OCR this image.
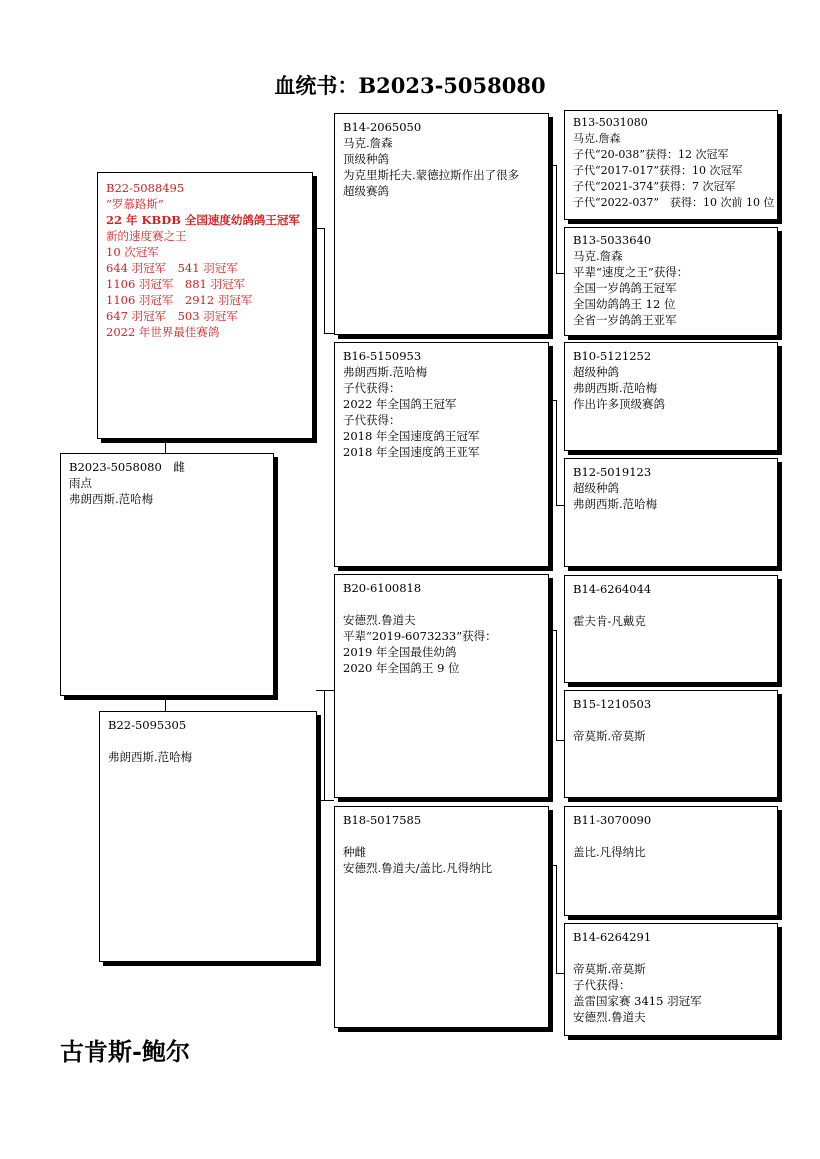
血统书：B2023-5058080
B22-5088495
“罗慕路斯”
22 年 KBDB 全国速度幼鸽鸽王冠军
新的速度赛之王
10 次冠军
644 羽冠军　541 羽冠军
1106 羽冠军　881 羽冠军
1106 羽冠军　2912 羽冠军
647 羽冠军　503 羽冠军
2022 年世界最佳赛鸽
B2023-5058080　雌
雨点
弗朗西斯.范哈梅
B22-5095305
弗朗西斯.范哈梅
B14-2065050
马克.詹森
顶级种鸽
为克里斯托夫.蒙德拉斯作出了很多
超级赛鸽
B16-5150953
弗朗西斯.范哈梅
子代获得：
2022 年全国鸽王冠军
子代获得：
2018 年全国速度鸽王冠军
2018 年全国速度鸽王亚军
B20-6100818
安德烈.鲁道夫
平辈“2019-6073233”获得：
2019 年全国最佳幼鸽
2020 年全国鸽王 9 位
B18-5017585
种雌
安德烈.鲁道夫/盖比.凡得纳比
B13-5031080
马克.詹森
子代“20-038”获得：12 次冠军
子代“2017-017”获得：10 次冠军
子代“2021-374”获得：7 次冠军
子代“2022-037”　获得：10 次前 10 位
B13-5033640
马克.詹森
平辈“速度之王”获得：
全国一岁鸽鸽王冠军
全国幼鸽鸽王 12 位
全省一岁鸽鸽王亚军
B10-5121252
超级种鸽
弗朗西斯.范哈梅
作出许多顶级赛鸽
B12-5019123
超级种鸽
弗朗西斯.范哈梅
B14-6264044
霍夫肯-凡戴克
B15-1210503
帝莫斯.帝莫斯
B11-3070090
盖比.凡得纳比
B14-6264291
帝莫斯.帝莫斯
子代获得：
盖雷国家赛 3415 羽冠军
安德烈.鲁道夫
古肯斯-鲍尔
